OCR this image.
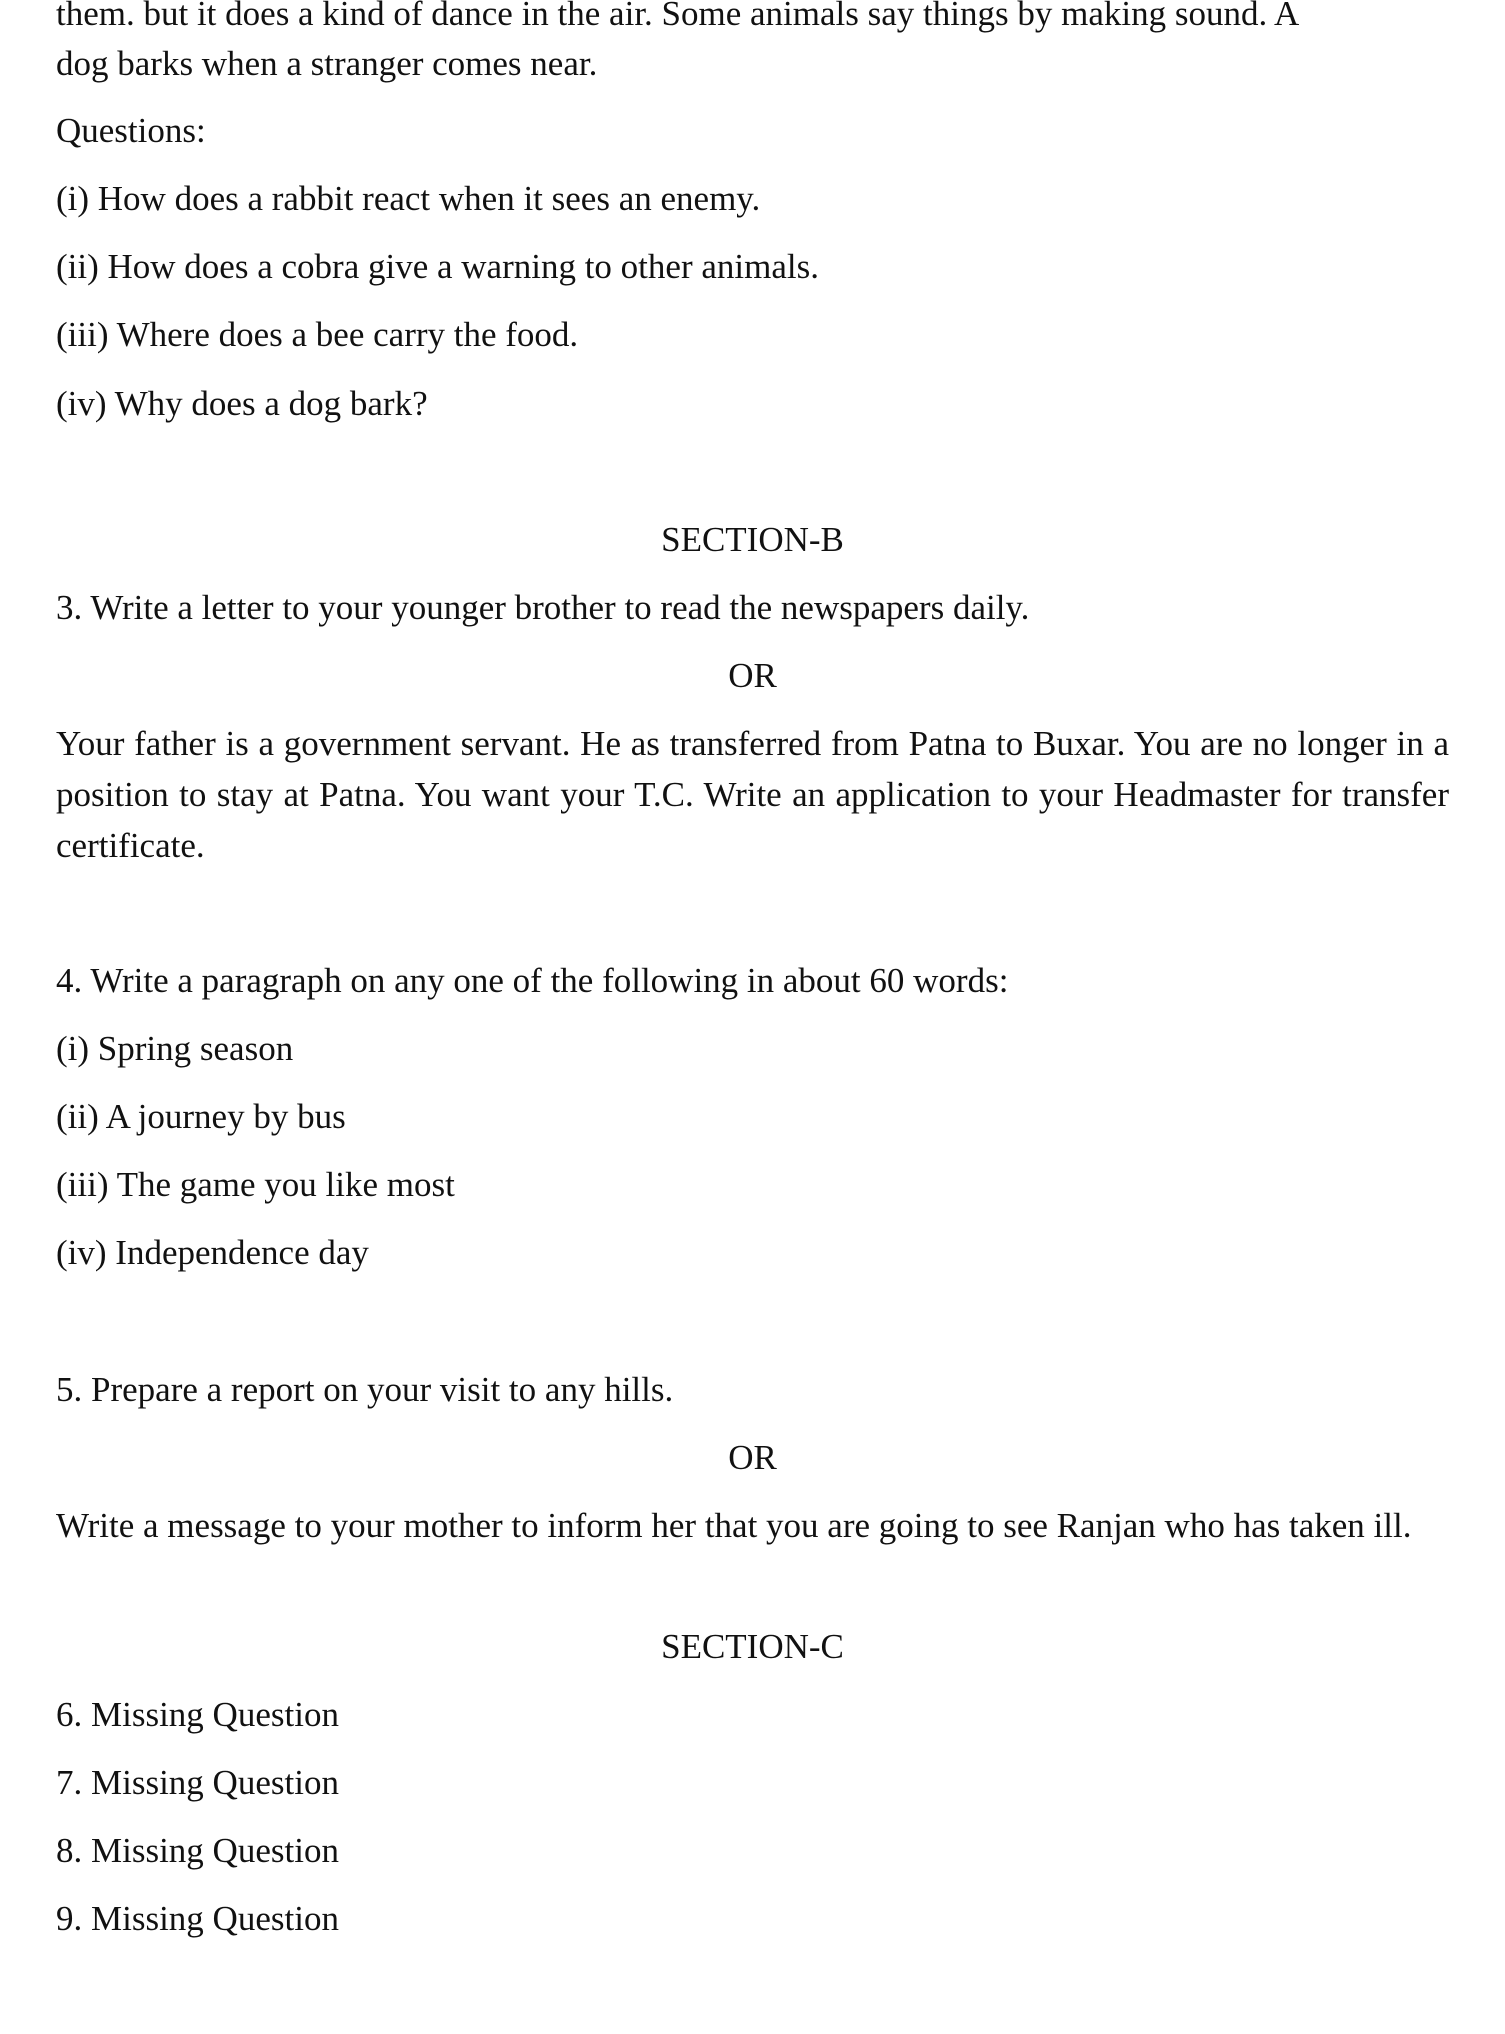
them. but it does a kind of dance in the air. Some animals say things by making sound. A

dog barks when a stranger comes near.

Questions:

(i) How does a rabbit react when it sees an enemy.

(ii) How does a cobra give a warning to other animals.

(iii) Where does a bee carry the food.

(iv) Why does a dog bark?

SECTION-B

3. Write a letter to your younger brother to read the newspapers daily.

OR

Your father is a government servant. He as transferred from Patna to Buxar. You are no longer in a position to stay at Patna. You want your T.C. Write an application to your Headmaster for transfer certificate.

4. Write a paragraph on any one of the following in about 60 words:

(i) Spring season

(ii) A journey by bus

(iii) The game you like most

(iv) Independence day

5. Prepare a report on your visit to any hills.

OR

Write a message to your mother to inform her that you are going to see Ranjan who has taken ill.

SECTION-C

6. Missing Question

7. Missing Question

8. Missing Question

9. Missing Question
